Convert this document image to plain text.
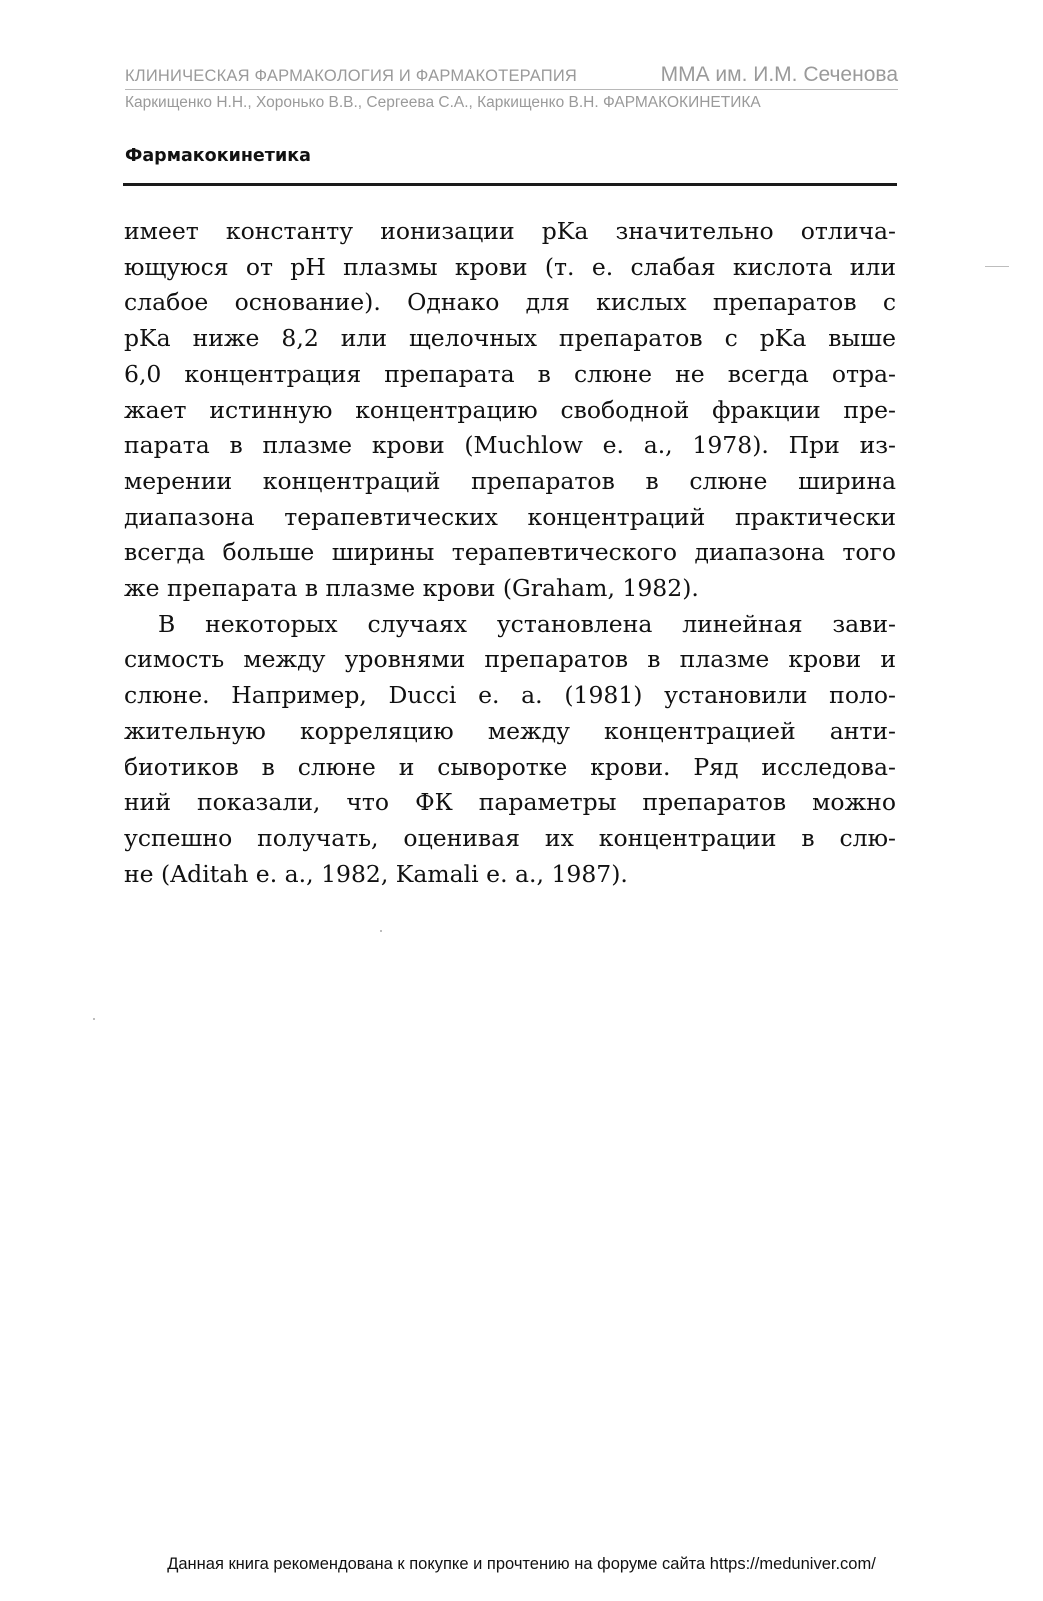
КЛИНИЧЕСКАЯ ФАРМАКОЛОГИЯ И ФАРМАКОТЕРАПИЯ	ММА им. И.М. Сеченова
Каркищенко Н.Н., Хоронько В.В., Сергеева С.А., Каркищенко В.Н. ФАРМАКОКИНЕТИКА
Фармакокинетика
имеет константу ионизации pKa значительно отлича-
ющуюся от pH плазмы крови (т. е. слабая кислота или
слабое основание). Однако для кислых препаратов с
pKa ниже 8,2 или щелочных препаратов с pKa выше
6,0 концентрация препарата в слюне не всегда отра-
жает истинную концентрацию свободной фракции пре-
парата в плазме крови (Muchlow е. а., 1978). При из-
мерении концентраций препаратов в слюне ширина
диапазона терапевтических концентраций практически
всегда больше ширины терапевтического диапазона того
же препарата в плазме крови (Graham, 1982).
В некоторых случаях установлена линейная зави-
симость между уровнями препаратов в плазме крови и
слюне. Например, Ducci е. а. (1981) установили поло-
жительную корреляцию между концентрацией анти-
биотиков в слюне и сыворотке крови. Ряд исследова-
ний показали, что ФК параметры препаратов можно
успешно получать, оценивая их концентрации в слю-
не (Aditah е. а., 1982, Kamali е. а., 1987).
Данная книга рекомендована к покупке и прочтению на форуме сайта https://meduniver.com/
